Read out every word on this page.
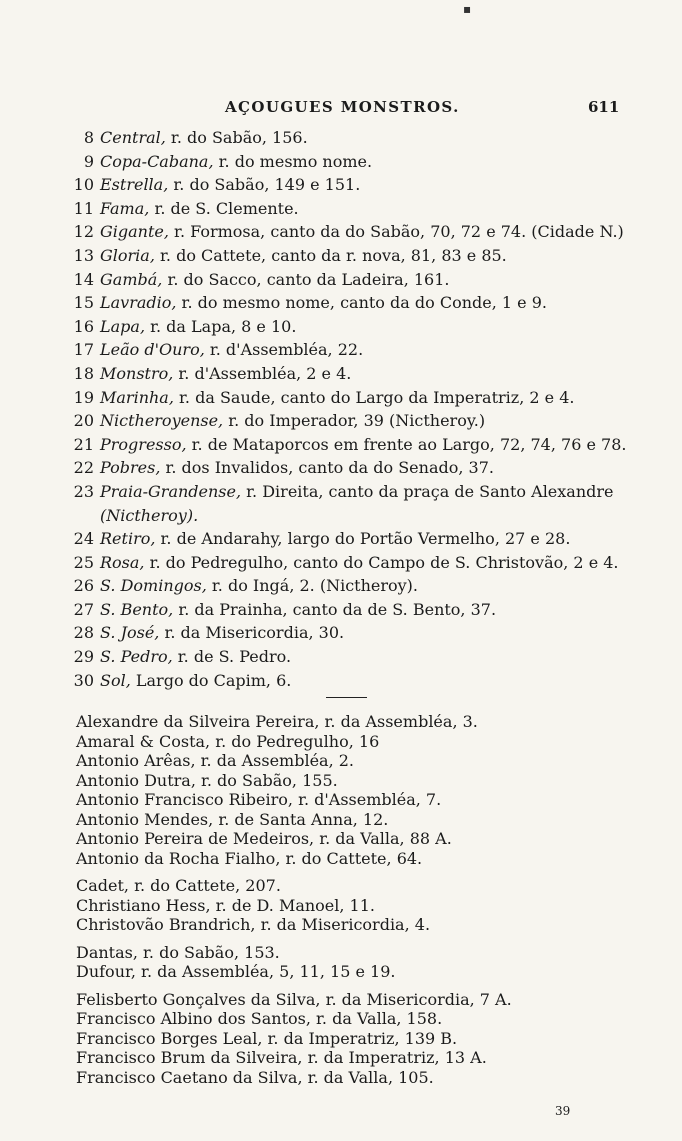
▪
AÇOUGUES MONSTROS.	611
8 Central, r. do Sabão, 156.
9 Copa-Cabana, r. do mesmo nome.
10 Estrella, r. do Sabão, 149 e 151.
11 Fama, r. de S. Clemente.
12 Gigante, r. Formosa, canto da do Sabão, 70, 72 e 74. (Cidade N.)
13 Gloria, r. do Cattete, canto da r. nova, 81, 83 e 85.
14 Gambá, r. do Sacco, canto da Ladeira, 161.
15 Lavradio, r. do mesmo nome, canto da do Conde, 1 e 9.
16 Lapa, r. da Lapa, 8 e 10.
17 Leão d'Ouro, r. d'Assembléa, 22.
18 Monstro, r. d'Assembléa, 2 e 4.
19 Marinha, r. da Saude, canto do Largo da Imperatriz, 2 e 4.
20 Nictheroyense, r. do Imperador, 39 (Nictheroy.)
21 Progresso, r. de Mataporcos em frente ao Largo, 72, 74, 76 e 78.
22 Pobres, r. dos Invalidos, canto da do Senado, 37.
23 Praia-Grandense, r. Direita, canto da praça de Santo Alexandre
(Nictheroy).
24 Retiro, r. de Andarahy, largo do Portão Vermelho, 27 e 28.
25 Rosa, r. do Pedregulho, canto do Campo de S. Christovão, 2 e 4.
26 S. Domingos, r. do Ingá, 2. (Nictheroy).
27 S. Bento, r. da Prainha, canto da de S. Bento, 37.
28 S. José, r. da Misericordia, 30.
29 S. Pedro, r. de S. Pedro.
30 Sol, Largo do Capim, 6.
Alexandre da Silveira Pereira, r. da Assembléa, 3.
Amaral & Costa, r. do Pedregulho, 16
Antonio Arêas, r. da Assembléa, 2.
Antonio Dutra, r. do Sabão, 155.
Antonio Francisco Ribeiro, r. d'Assembléa, 7.
Antonio Mendes, r. de Santa Anna, 12.
Antonio Pereira de Medeiros, r. da Valla, 88 A.
Antonio da Rocha Fialho, r. do Cattete, 64.
Cadet, r. do Cattete, 207.
Christiano Hess, r. de D. Manoel, 11.
Christovão Brandrich, r. da Misericordia, 4.
Dantas, r. do Sabão, 153.
Dufour, r. da Assembléa, 5, 11, 15 e 19.
Felisberto Gonçalves da Silva, r. da Misericordia, 7 A.
Francisco Albino dos Santos, r. da Valla, 158.
Francisco Borges Leal, r. da Imperatriz, 139 B.
Francisco Brum da Silveira, r. da Imperatriz, 13 A.
Francisco Caetano da Silva, r. da Valla, 105.
39
